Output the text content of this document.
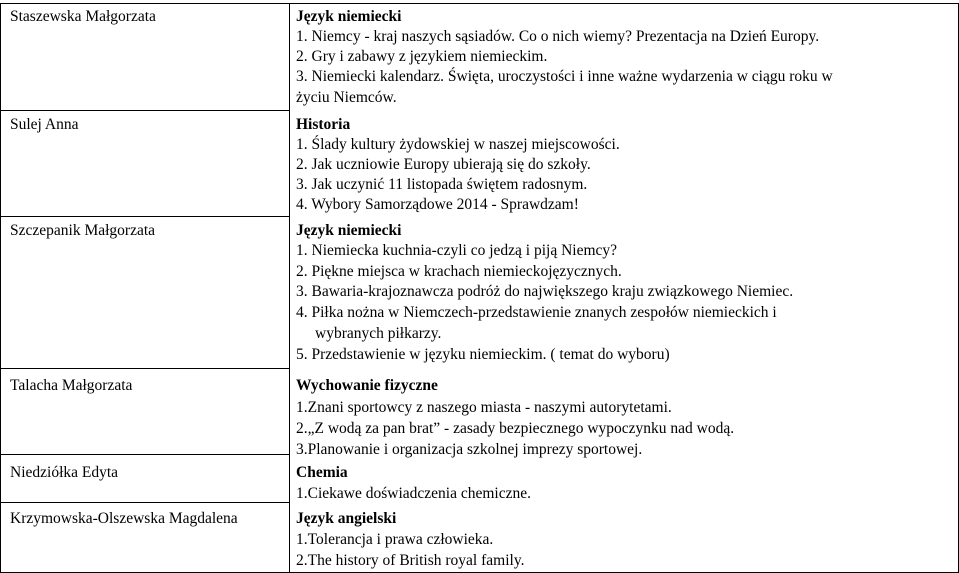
Staszewska Małgorzata	Język niemiecki
1. Niemcy - kraj naszych sąsiadów. Co o nich wiemy? Prezentacja na Dzień Europy.
2. Gry i zabawy z językiem niemieckim.
3. Niemiecki kalendarz. Święta, uroczystości i inne ważne wydarzenia w ciągu roku w
życiu Niemców.
Sulej Anna	Historia
1. Ślady kultury żydowskiej w naszej miejscowości.
2. Jak uczniowie Europy ubierają się do szkoły.
3. Jak uczynić 11 listopada świętem radosnym.
4. Wybory Samorządowe 2014 - Sprawdzam!
Szczepanik Małgorzata	Język niemiecki
1. Niemiecka kuchnia-czyli co jedzą i piją Niemcy?
2. Piękne miejsca w krachach niemieckojęzycznych.
3. Bawaria-krajoznawcza podróż do największego kraju związkowego Niemiec.
4. Piłka nożna w Niemczech-przedstawienie znanych zespołów niemieckich i
wybranych piłkarzy.
5. Przedstawienie w języku niemieckim. ( temat do wyboru)
Talacha Małgorzata	Wychowanie fizyczne
1.Znani sportowcy z naszego miasta - naszymi autorytetami.
2.„Z wodą za pan brat” - zasady bezpiecznego wypoczynku nad wodą.
3.Planowanie i organizacja szkolnej imprezy sportowej.
Niedziółka Edyta	Chemia
1.Ciekawe doświadczenia chemiczne.
Krzymowska-Olszewska Magdalena	Język angielski
1.Tolerancja i prawa człowieka.
2.The history of British royal family.
